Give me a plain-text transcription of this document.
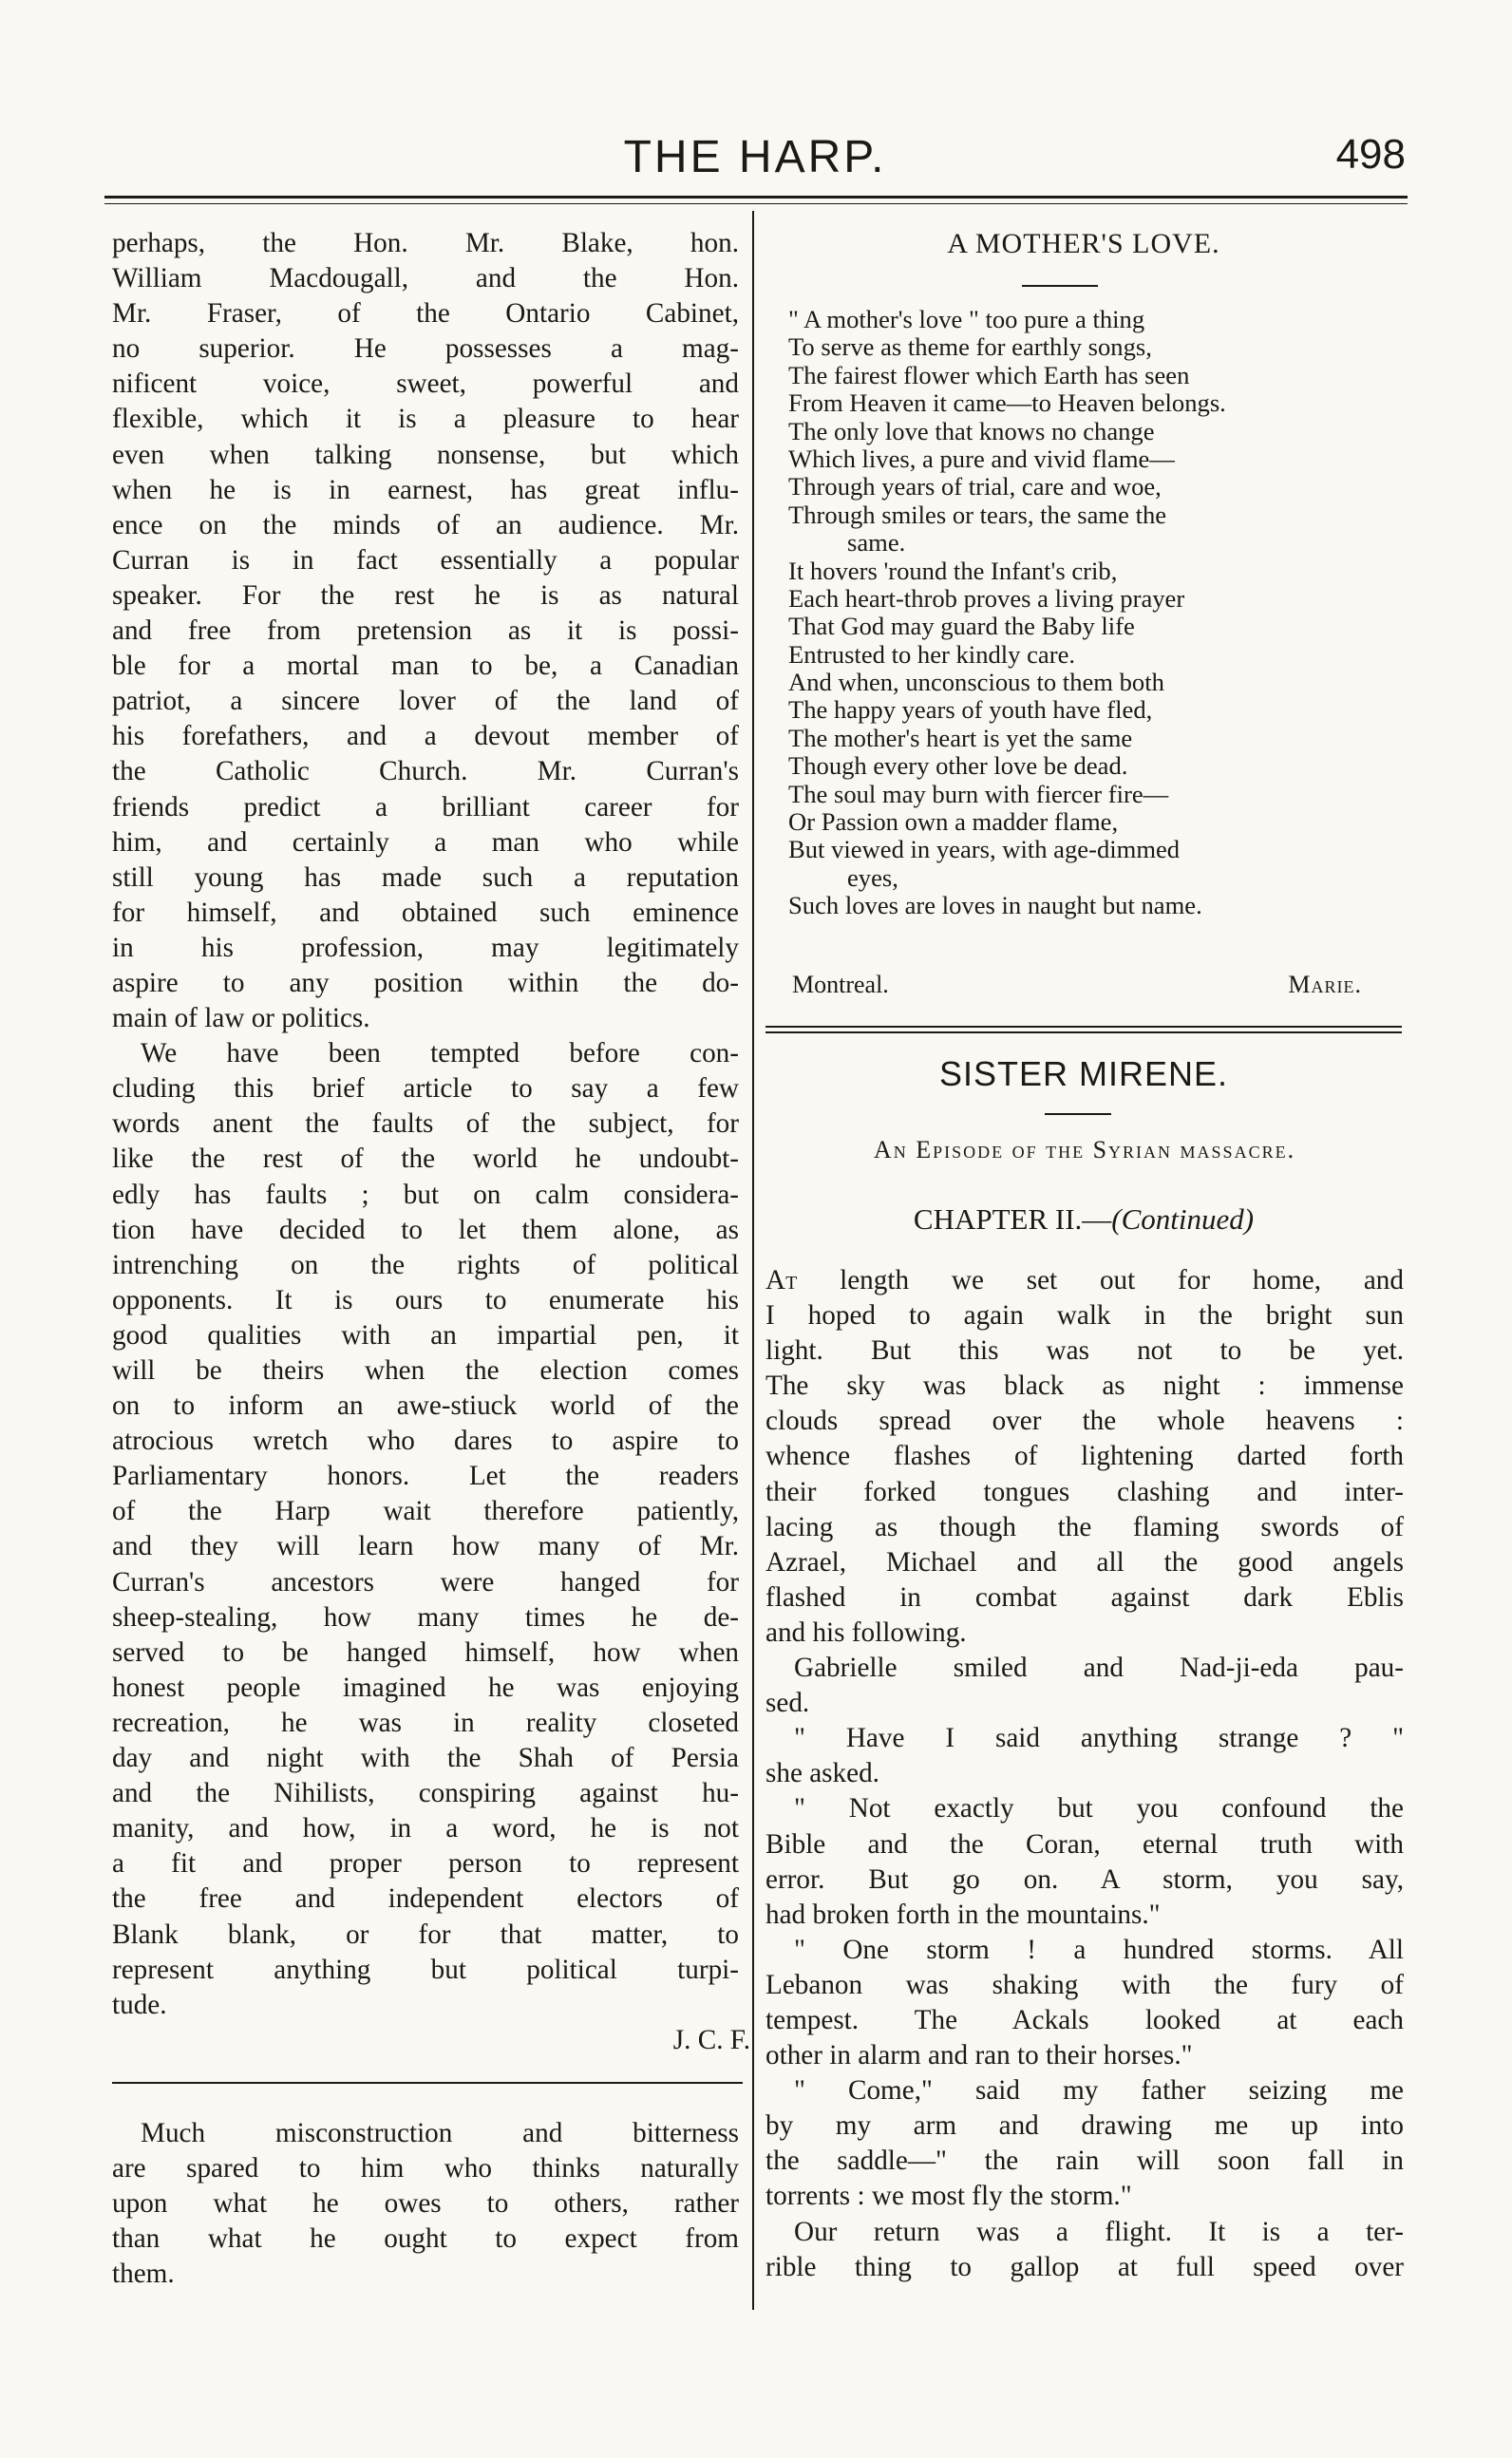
THE HARP.	498
perhaps, the Hon. Mr. Blake, hon.
William Macdougall, and the Hon.
Mr. Fraser, of the Ontario Cabinet,
no superior. He possesses a mag-
nificent voice, sweet, powerful and
flexible, which it is a pleasure to hear
even when talking nonsense, but which
when he is in earnest, has great influ-
ence on the minds of an audience. Mr.
Curran is in fact essentially a popular
speaker. For the rest he is as natural
and free from pretension as it is possi-
ble for a mortal man to be, a Canadian
patriot, a sincere lover of the land of
his forefathers, and a devout member of
the Catholic Church. Mr. Curran's
friends predict a brilliant career for
him, and certainly a man who while
still young has made such a reputation
for himself, and obtained such eminence
in his profession, may legitimately
aspire to any position within the do-
main of law or politics.
We have been tempted before con-
cluding this brief article to say a few
words anent the faults of the subject, for
like the rest of the world he undoubt-
edly has faults ; but on calm considera-
tion have decided to let them alone, as
intrenching on the rights of political
opponents. It is ours to enumerate his
good qualities with an impartial pen, it
will be theirs when the election comes
on to inform an awe-stiuck world of the
atrocious wretch who dares to aspire to
Parliamentary honors. Let the readers
of the Harp wait therefore patiently,
and they will learn how many of Mr.
Curran's ancestors were hanged for
sheep-stealing, how many times he de-
served to be hanged himself, how when
honest people imagined he was enjoying
recreation, he was in reality closeted
day and night with the Shah of Persia
and the Nihilists, conspiring against hu-
manity, and how, in a word, he is not
a fit and proper person to represent
the free and independent electors of
Blank blank, or for that matter, to
represent anything but political turpi-
tude.
J. C. F.
Much misconstruction and bitterness
are spared to him who thinks naturally
upon what he owes to others, rather
than what he ought to expect from
them.
A MOTHER'S LOVE.
" A mother's love " too pure a thing
To serve as theme for earthly songs,
The fairest flower which Earth has seen
From Heaven it came—to Heaven belongs.
The only love that knows no change
Which lives, a pure and vivid flame—
Through years of trial, care and woe,
Through smiles or tears, the same the
same.
It hovers 'round the Infant's crib,
Each heart-throb proves a living prayer
That God may guard the Baby life
Entrusted to her kindly care.
And when, unconscious to them both
The happy years of youth have fled,
The mother's heart is yet the same
Though every other love be dead.
The soul may burn with fiercer fire—
Or Passion own a madder flame,
But viewed in years, with age-dimmed
eyes,
Such loves are loves in naught but name.
Montreal.	Marie.
SISTER MIRENE.
An Episode of the Syrian massacre.
CHAPTER II.—(Continued)
At length we set out for home, and
I hoped to again walk in the bright sun
light. But this was not to be yet.
The sky was black as night : immense
clouds spread over the whole heavens :
whence flashes of lightening darted forth
their forked tongues clashing and inter-
lacing as though the flaming swords of
Azrael, Michael and all the good angels
flashed in combat against dark Eblis
and his following.
Gabrielle smiled and Nad-ji-eda pau-
sed.
" Have I said anything strange ? "
she asked.
" Not exactly but you confound the
Bible and the Coran, eternal truth with
error. But go on. A storm, you say,
had broken forth in the mountains."
" One storm ! a hundred storms. All
Lebanon was shaking with the fury of
tempest. The Ackals looked at each
other in alarm and ran to their horses."
" Come," said my father seizing me
by my arm and drawing me up into
the saddle—" the rain will soon fall in
torrents : we most fly the storm."
Our return was a flight. It is a ter-
rible thing to gallop at full speed over
